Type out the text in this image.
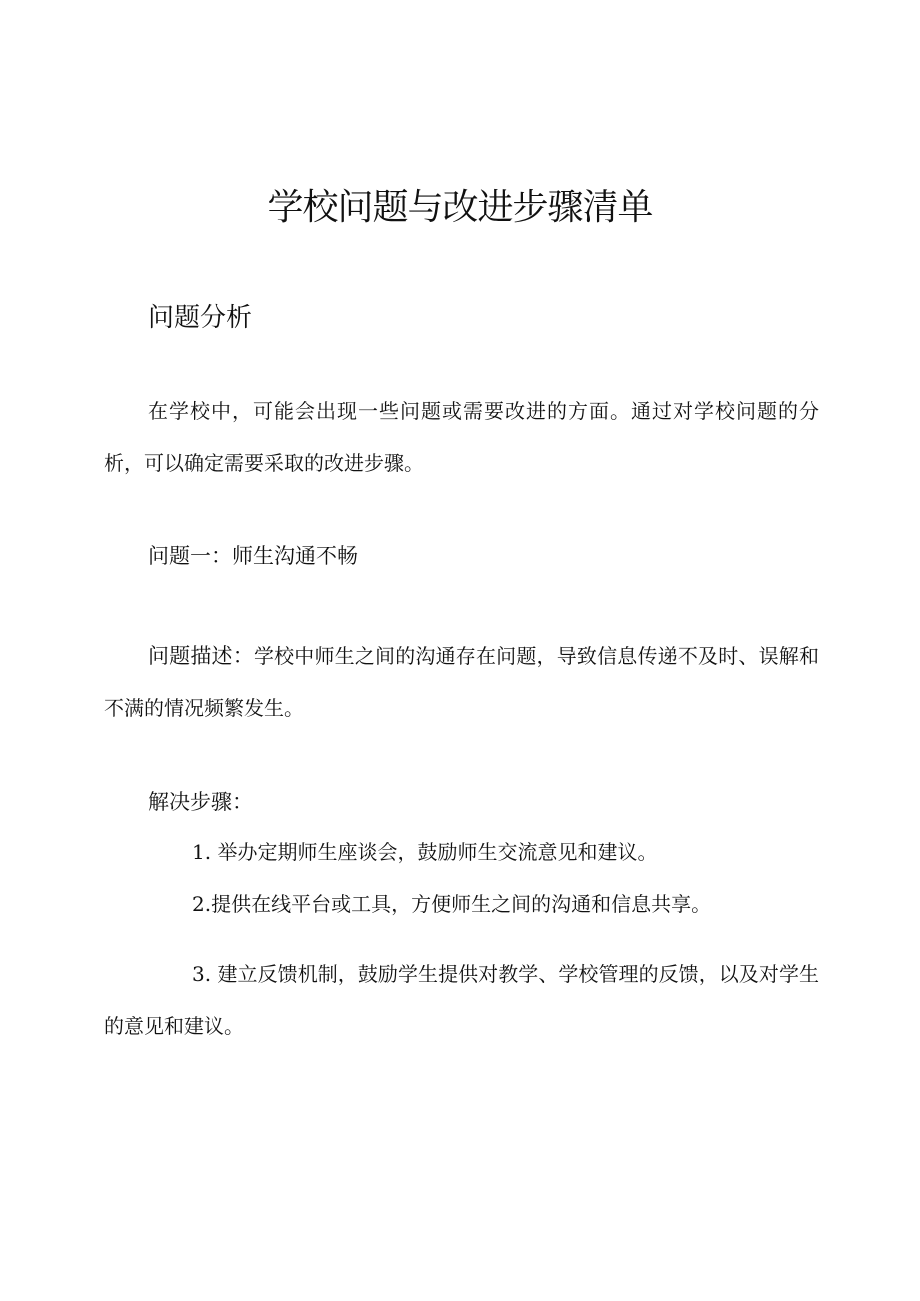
学校问题与改进步骤清单
问题分析

在学校中，可能会出现一些问题或需要改进的方面。通过对学校问题的分析，可以确定需要采取的改进步骤。

问题一：师生沟通不畅

问题描述：学校中师生之间的沟通存在问题，导致信息传递不及时、误解和不满的情况频繁发生。

解决步骤：

1. 举办定期师生座谈会，鼓励师生交流意见和建议。

2.提供在线平台或工具，方便师生之间的沟通和信息共享。

3. 建立反馈机制，鼓励学生提供对教学、学校管理的反馈，以及对学生的意见和建议。
